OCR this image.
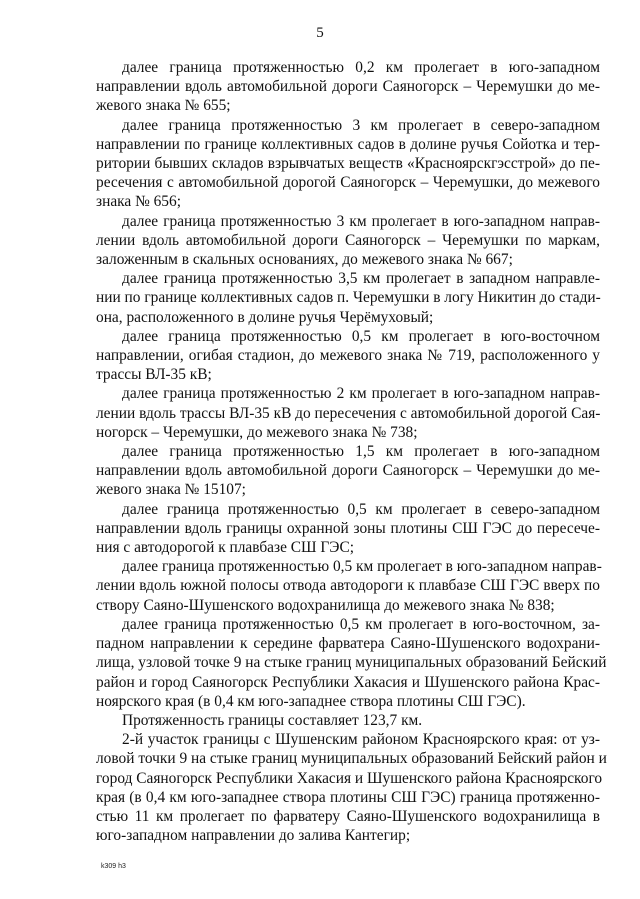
5

далее граница протяженностью 0,2 км пролегает в юго-западном
направлении вдоль автомобильной дороги Саяногорск – Черемушки до ме-
жевого знака № 655;

далее граница протяженностью 3 км пролегает в северо-западном
направлении по границе коллективных садов в долине ручья Сойотка и тер-
ритории бывших складов взрывчатых веществ «Красноярскгэсстрой» до пе-
ресечения с автомобильной дорогой Саяногорск – Черемушки, до межевого
знака № 656;

далее граница протяженностью 3 км пролегает в юго-западном направ-
лении вдоль автомобильной дороги Саяногорск – Черемушки по маркам,
заложенным в скальных основаниях, до межевого знака № 667;

далее граница протяженностью 3,5 км пролегает в западном направле-
нии по границе коллективных садов п. Черемушки в логу Никитин до стади-
она, расположенного в долине ручья Черёмуховый;

далее граница протяженностью 0,5 км пролегает в юго-восточном
направлении, огибая стадион, до межевого знака № 719, расположенного у
трассы ВЛ-35 кВ;

далее граница протяженностью 2 км пролегает в юго-западном направ-
лении вдоль трассы ВЛ-35 кВ до пересечения с автомобильной дорогой Сая-
ногорск – Черемушки, до межевого знака № 738;

далее граница протяженностью 1,5 км пролегает в юго-западном
направлении вдоль автомобильной дороги Саяногорск – Черемушки до ме-
жевого знака № 15107;

далее граница протяженностью 0,5 км пролегает в северо-западном
направлении вдоль границы охранной зоны плотины СШ ГЭС до пересече-
ния с автодорогой к плавбазе СШ ГЭС;

далее граница протяженностью 0,5 км пролегает в юго-западном направ-
лении вдоль южной полосы отвода автодороги к плавбазе СШ ГЭС вверх по
створу Саяно-Шушенского водохранилища до межевого знака № 838;

далее граница протяженностью 0,5 км пролегает в юго-восточном, за-
падном направлении к середине фарватера Саяно-Шушенского водохрани-
лища, узловой точке 9 на стыке границ муниципальных образований Бейский
район и город Саяногорск Республики Хакасия и Шушенского района Крас-
ноярского края (в 0,4 км юго-западнее створа плотины СШ ГЭС).

Протяженность границы составляет 123,7 км.

2-й участок границы с Шушенским районом Красноярского края: от уз-
ловой точки 9 на стыке границ муниципальных образований Бейский район и
город Саяногорск Республики Хакасия и Шушенского района Красноярского
края (в 0,4 км юго-западнее створа плотины СШ ГЭС) граница протяженно-
стью 11 км пролегает по фарватеру Саяно-Шушенского водохранилища в
юго-западном направлении до залива Кантегир;

k309 h3
